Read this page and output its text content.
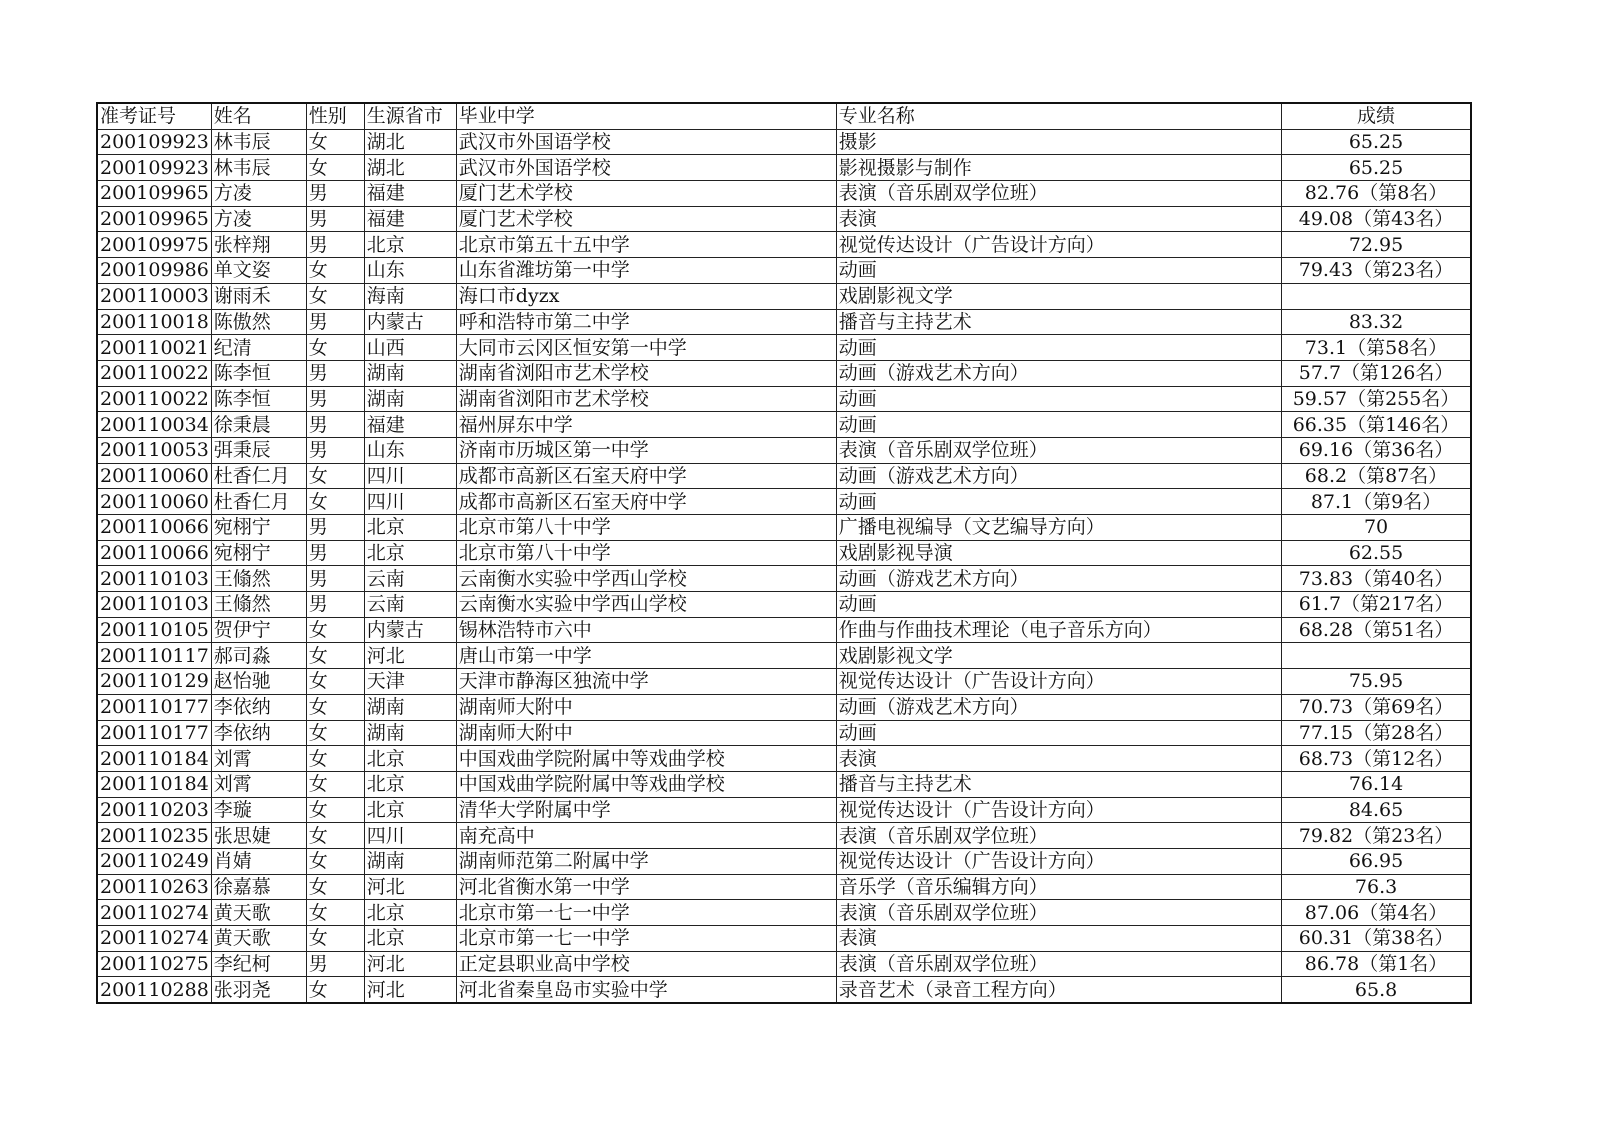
准考证号	姓名	性别	生源省市	毕业中学	专业名称	成绩
200109923	林韦辰	女	湖北	武汉市外国语学校	摄影	65.25
200109923	林韦辰	女	湖北	武汉市外国语学校	影视摄影与制作	65.25
200109965	方凌	男	福建	厦门艺术学校	表演（音乐剧双学位班）	82.76（第8名）
200109965	方凌	男	福建	厦门艺术学校	表演	49.08（第43名）
200109975	张梓翔	男	北京	北京市第五十五中学	视觉传达设计（广告设计方向）	72.95
200109986	单文姿	女	山东	山东省潍坊第一中学	动画	79.43（第23名）
200110003	谢雨禾	女	海南	海口市dyzx	戏剧影视文学	
200110018	陈傲然	男	内蒙古	呼和浩特市第二中学	播音与主持艺术	83.32
200110021	纪清	女	山西	大同市云冈区恒安第一中学	动画	73.1（第58名）
200110022	陈李恒	男	湖南	湖南省浏阳市艺术学校	动画（游戏艺术方向）	57.7（第126名）
200110022	陈李恒	男	湖南	湖南省浏阳市艺术学校	动画	59.57（第255名）
200110034	徐秉晨	男	福建	福州屏东中学	动画	66.35（第146名）
200110053	弭秉辰	男	山东	济南市历城区第一中学	表演（音乐剧双学位班）	69.16（第36名）
200110060	杜香仁月	女	四川	成都市高新区石室天府中学	动画（游戏艺术方向）	68.2（第87名）
200110060	杜香仁月	女	四川	成都市高新区石室天府中学	动画	87.1（第9名）
200110066	宛栩宁	男	北京	北京市第八十中学	广播电视编导（文艺编导方向）	70
200110066	宛栩宁	男	北京	北京市第八十中学	戏剧影视导演	62.55
200110103	王翛然	男	云南	云南衡水实验中学西山学校	动画（游戏艺术方向）	73.83（第40名）
200110103	王翛然	男	云南	云南衡水实验中学西山学校	动画	61.7（第217名）
200110105	贺伊宁	女	内蒙古	锡林浩特市六中	作曲与作曲技术理论（电子音乐方向）	68.28（第51名）
200110117	郝司淼	女	河北	唐山市第一中学	戏剧影视文学	
200110129	赵怡驰	女	天津	天津市静海区独流中学	视觉传达设计（广告设计方向）	75.95
200110177	李依纳	女	湖南	湖南师大附中	动画（游戏艺术方向）	70.73（第69名）
200110177	李依纳	女	湖南	湖南师大附中	动画	77.15（第28名）
200110184	刘霄	女	北京	中国戏曲学院附属中等戏曲学校	表演	68.73（第12名）
200110184	刘霄	女	北京	中国戏曲学院附属中等戏曲学校	播音与主持艺术	76.14
200110203	李璇	女	北京	清华大学附属中学	视觉传达设计（广告设计方向）	84.65
200110235	张思婕	女	四川	南充高中	表演（音乐剧双学位班）	79.82（第23名）
200110249	肖婧	女	湖南	湖南师范第二附属中学	视觉传达设计（广告设计方向）	66.95
200110263	徐嘉慕	女	河北	河北省衡水第一中学	音乐学（音乐编辑方向）	76.3
200110274	黄天歌	女	北京	北京市第一七一中学	表演（音乐剧双学位班）	87.06（第4名）
200110274	黄天歌	女	北京	北京市第一七一中学	表演	60.31（第38名）
200110275	李纪柯	男	河北	正定县职业高中学校	表演（音乐剧双学位班）	86.78（第1名）
200110288	张羽尧	女	河北	河北省秦皇岛市实验中学	录音艺术（录音工程方向）	65.8
